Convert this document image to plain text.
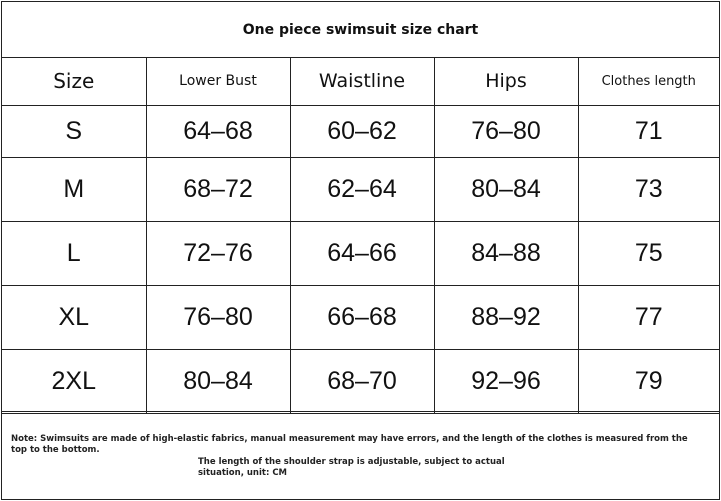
One piece swimsuit size chart
Size	Lower Bust	Waistline	Hips	Clothes length
S	64–68	60–62	76–80	71
M	68–72	62–64	80–84	73
L	72–76	64–66	84–88	75
XL	76–80	66–68	88–92	77
2XL	80–84	68–70	92–96	79
Note: Swimsuits are made of high-elastic fabrics, manual measurement may have errors, and the length of the clothes is measured from the top to the bottom.
The length of the shoulder strap is adjustable, subject to actual situation, unit: CM
